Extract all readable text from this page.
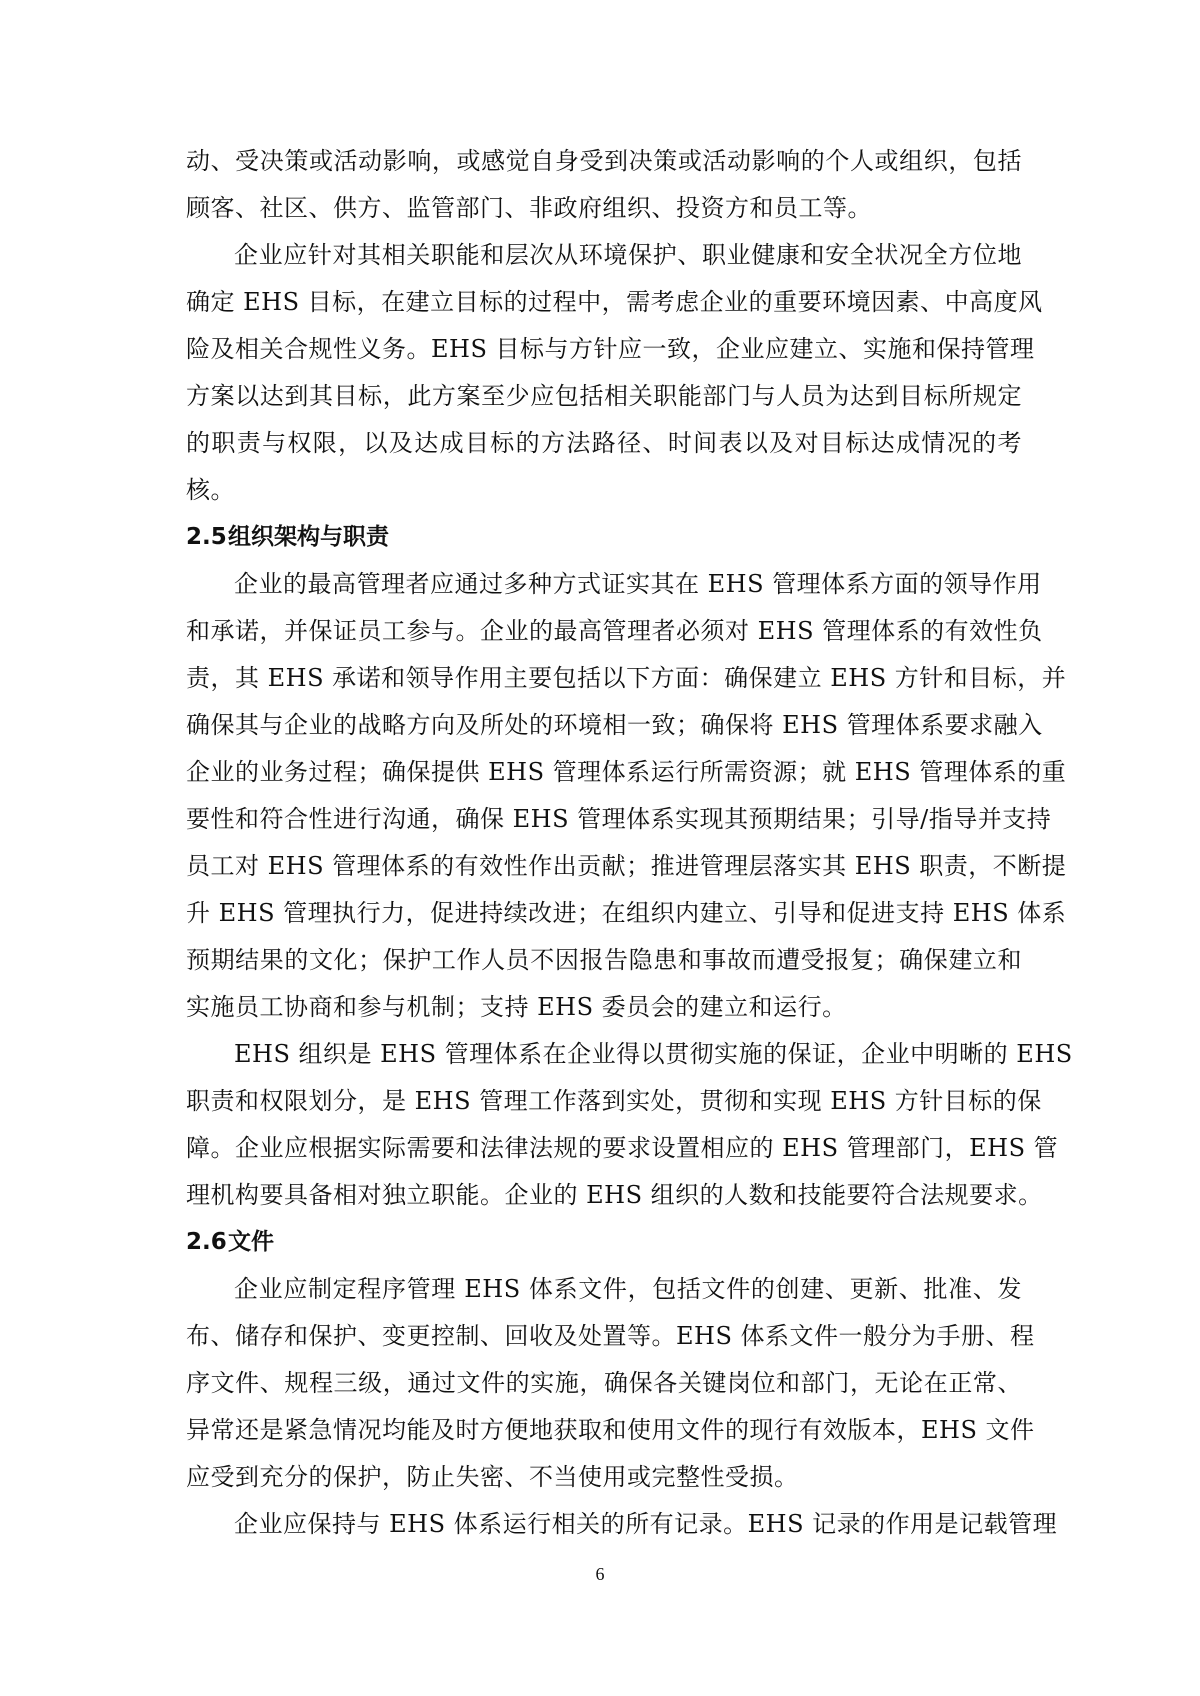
动、受决策或活动影响，或感觉自身受到决策或活动影响的个人或组织，包括
顾客、社区、供方、监管部门、非政府组织、投资方和员工等。
企业应针对其相关职能和层次从环境保护、职业健康和安全状况全方位地
确定 EHS 目标，在建立目标的过程中，需考虑企业的重要环境因素、中高度风
险及相关合规性义务。EHS 目标与方针应一致，企业应建立、实施和保持管理
方案以达到其目标，此方案至少应包括相关职能部门与人员为达到目标所规定
的职责与权限，以及达成目标的方法路径、时间表以及对目标达成情况的考
核。
2.5组织架构与职责
企业的最高管理者应通过多种方式证实其在 EHS 管理体系方面的领导作用
和承诺，并保证员工参与。企业的最高管理者必须对 EHS 管理体系的有效性负
责，其 EHS 承诺和领导作用主要包括以下方面：确保建立 EHS 方针和目标，并
确保其与企业的战略方向及所处的环境相一致；确保将 EHS 管理体系要求融入
企业的业务过程；确保提供 EHS 管理体系运行所需资源；就 EHS 管理体系的重
要性和符合性进行沟通，确保 EHS 管理体系实现其预期结果；引导/指导并支持
员工对 EHS 管理体系的有效性作出贡献；推进管理层落实其 EHS 职责，不断提
升 EHS 管理执行力，促进持续改进；在组织内建立、引导和促进支持 EHS 体系
预期结果的文化；保护工作人员不因报告隐患和事故而遭受报复；确保建立和
实施员工协商和参与机制；支持 EHS 委员会的建立和运行。
EHS 组织是 EHS 管理体系在企业得以贯彻实施的保证，企业中明晰的 EHS
职责和权限划分，是 EHS 管理工作落到实处，贯彻和实现 EHS 方针目标的保
障。企业应根据实际需要和法律法规的要求设置相应的 EHS 管理部门，EHS 管
理机构要具备相对独立职能。企业的 EHS 组织的人数和技能要符合法规要求。
2.6文件
企业应制定程序管理 EHS 体系文件，包括文件的创建、更新、批准、发
布、储存和保护、变更控制、回收及处置等。EHS 体系文件一般分为手册、程
序文件、规程三级，通过文件的实施，确保各关键岗位和部门，无论在正常、
异常还是紧急情况均能及时方便地获取和使用文件的现行有效版本，EHS 文件
应受到充分的保护，防止失密、不当使用或完整性受损。
企业应保持与 EHS 体系运行相关的所有记录。EHS 记录的作用是记载管理
6
